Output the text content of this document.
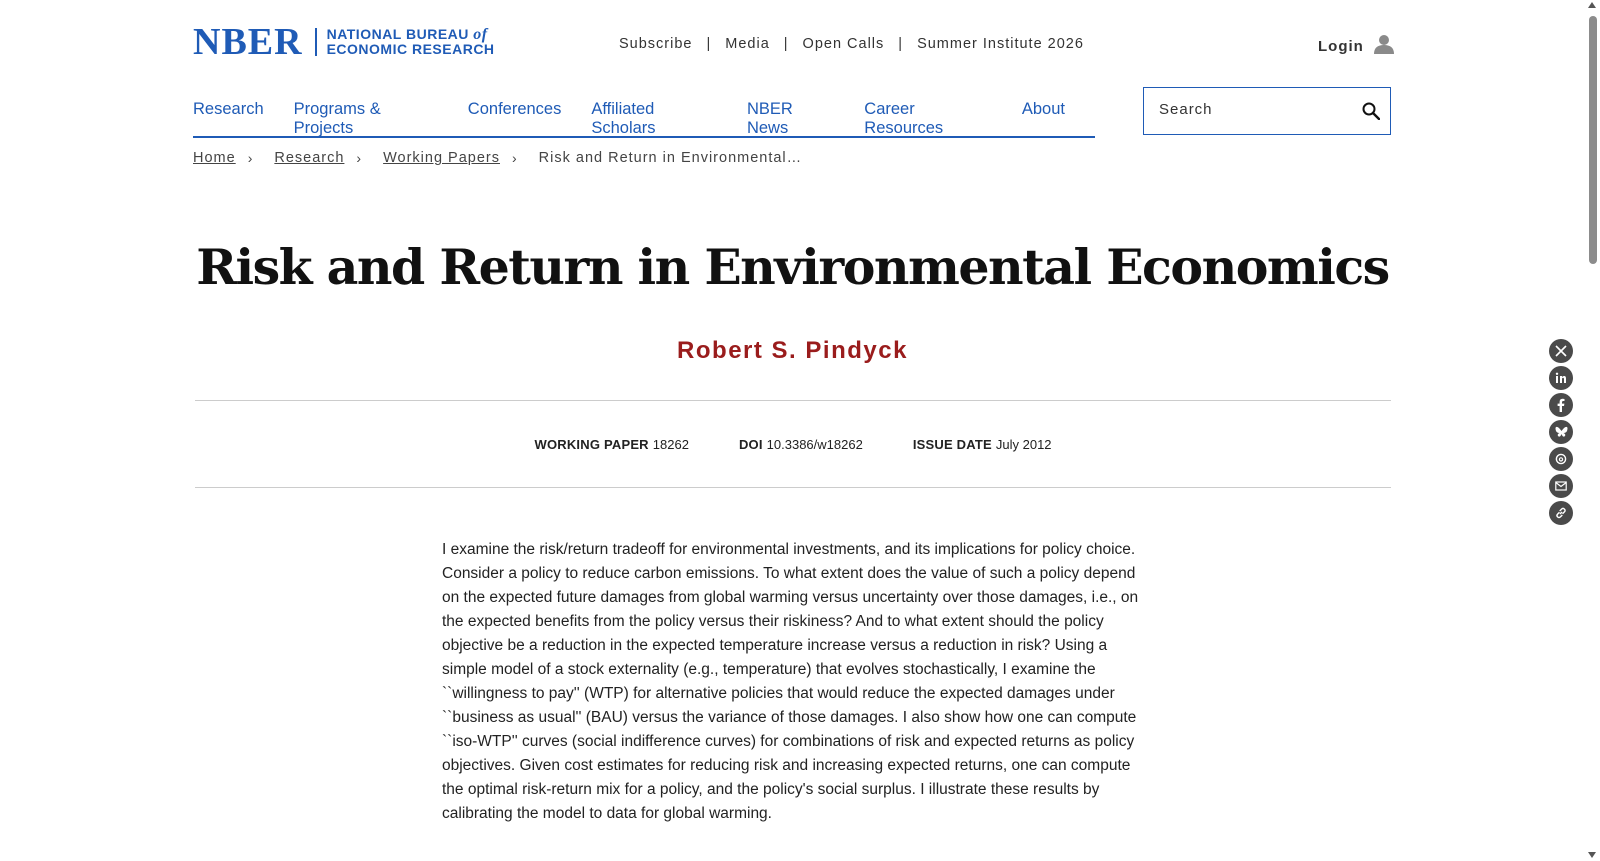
NBER NATIONAL BUREAU of
ECONOMIC RESEARCH	Subscribe | Media | Open Calls | Summer Institute 2026	Login
Research Programs & Projects
Conferences Affiliated Scholars
NBER News
Career Resources
About
Search
Home › Research › Working Papers › Risk and Return in Environmental…
Risk and Return in Environmental Economics
Robert S. Pindyck
WORKING PAPER 18262	DOI 10.3386/w18262	ISSUE DATE July 2012

I examine the risk/return tradeoff for environmental investments, and its implications for policy choice. Consider a policy to reduce carbon emissions. To what extent does the value of such a policy depend on the expected future damages from global warming versus uncertainty over those damages, i.e., on the expected benefits from the policy versus their riskiness? And to what extent should the policy objective be a reduction in the expected temperature increase versus a reduction in risk? Using a simple model of a stock externality (e.g., temperature) that evolves stochastically, I examine the ``willingness to pay'' (WTP) for alternative policies that would reduce the expected damages under ``business as usual'' (BAU) versus the variance of those damages. I also show how one can compute ``iso-WTP'' curves (social indifference curves) for combinations of risk and expected returns as policy objectives. Given cost estimates for reducing risk and increasing expected returns, one can compute the optimal risk-return mix for a policy, and the policy's social surplus. I illustrate these results by calibrating the model to data for global warming.
